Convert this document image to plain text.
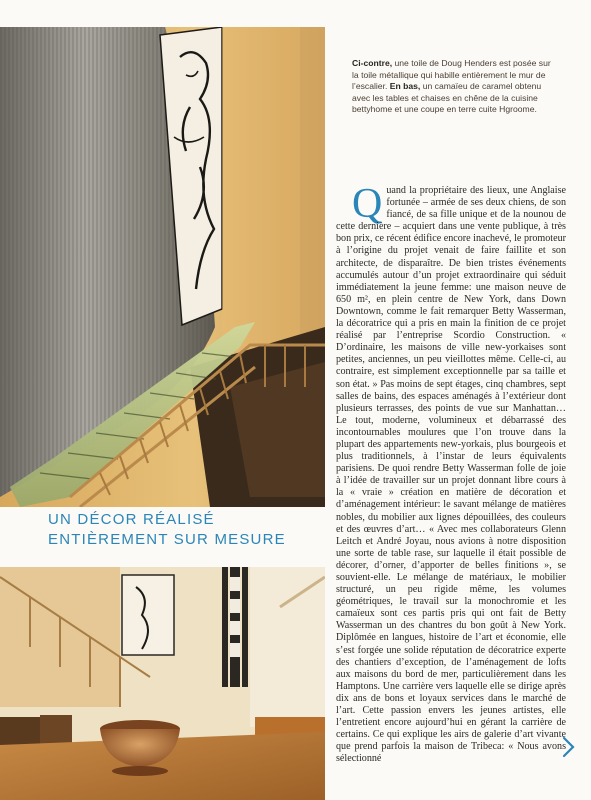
Ci-contre, une toile de Doug Henders est posée sur la toile métallique qui habille entièrement le mur de l’escalier. En bas, un camaïeu de caramel obtenu avec les tables et chaises en chêne de la cuisine bettyhome et une coupe en terre cuite Hgroome.
UN DÉCOR RÉALISÉ
ENTIÈREMENT SUR MESURE
Q uand la propriétaire des lieux, une Anglaise fortunée – armée de ses deux chiens, de son fiancé, de sa fille unique et de la nounou de cette dernière – acquiert dans une vente publique, à très bon prix, ce récent édifice encore inachevé, le promoteur à l’origine du projet venait de faire faillite et son architecte, de disparaître. De bien tristes événements accumulés autour d’un projet extraordinaire qui séduit immédiatement la jeune femme: une maison neuve de 650 m², en plein centre de New York, dans Down Downtown, comme le fait remarquer Betty Wasserman, la décoratrice qui a pris en main la finition de ce projet réalisé par l’entreprise Scordio Construction. « D’ordinaire, les maisons de ville new-yorkaises sont petites, anciennes, un peu vieillottes même. Celle-ci, au contraire, est simplement exceptionnelle par sa taille et son état. » Pas moins de sept étages, cinq chambres, sept salles de bains, des espaces aménagés à l’extérieur dont plusieurs terrasses, des points de vue sur Manhattan… Le tout, moderne, volumineux et débarrassé des incontournables moulures que l’on trouve dans la plupart des appartements new-yorkais, plus bourgeois et plus traditionnels, à l’instar de leurs équivalents parisiens. De quoi rendre Betty Wasserman folle de joie à l’idée de travailler sur un projet donnant libre cours à la « vraie » création en matière de décoration et d’aménagement intérieur: le savant mélange de matières nobles, du mobilier aux lignes dépouillées, des couleurs et des œuvres d’art… « Avec mes collaborateurs Glenn Leitch et André Joyau, nous avions à notre disposition une sorte de table rase, sur laquelle il était possible de décorer, d’orner, d’apporter de belles finitions », se souvient-elle. Le mélange de matériaux, le mobilier structuré, un peu rigide même, les volumes géométriques, le travail sur la monochromie et les camaïeux sont ces partis pris qui ont fait de Betty Wasserman un des chantres du bon goût à New York. Diplômée en langues, histoire de l’art et économie, elle s’est forgée une solide réputation de décoratrice experte des chantiers d’exception, de l’aménagement de lofts aux maisons du bord de mer, particulièrement dans les Hamptons. Une carrière vers laquelle elle se dirige après dix ans de bons et loyaux services dans le marché de l’art. Cette passion envers les jeunes artistes, elle l’entretient encore aujourd’hui en gérant la carrière de certains. Ce qui explique les airs de galerie d’art vivante que prend parfois la maison de Tribeca: « Nous avons sélectionné
